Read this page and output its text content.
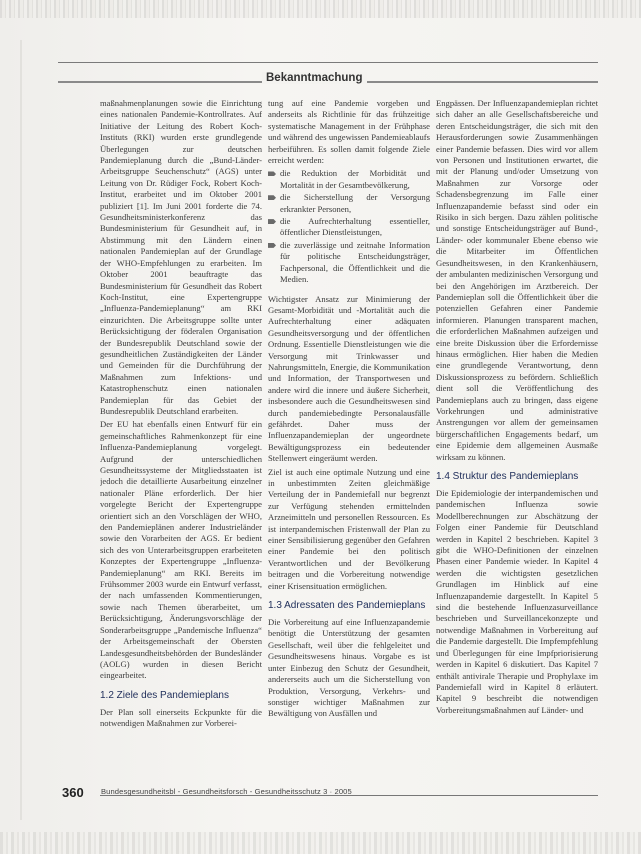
Bekanntmachung

maßnahmenplanungen sowie die Einrichtung eines nationalen Pandemie-Kontrollrates. Auf Initiative der Leitung des Robert Koch-Instituts (RKI) wurden erste grundlegende Überlegungen zur deutschen Pandemieplanung durch die „Bund-Länder-Arbeitsgruppe Seuchenschutz“ (AGS) unter Leitung von Dr. Rüdiger Fock, Robert Koch-Institut, erarbeitet und im Oktober 2001 publiziert [1]. Im Juni 2001 forderte die 74. Gesundheitsministerkonferenz das Bundesministerium für Gesundheit auf, in Abstimmung mit den Ländern einen nationalen Pandemieplan auf der Grundlage der WHO-Empfehlungen zu erarbeiten. Im Oktober 2001 beauftragte das Bundesministerium für Gesundheit das Robert Koch-Institut, eine Expertengruppe „Influenza-Pandemieplanung“ am RKI einzurichten. Die Arbeitsgruppe sollte unter Berücksichtigung der föderalen Organisation der Bundesrepublik Deutschland sowie der gesundheitlichen Zuständigkeiten der Länder und Gemeinden für die Durchführung der Maßnahmen zum Infektions- und Katastrophenschutz einen nationalen Pandemieplan für das Gebiet der Bundesrepublik Deutschland erarbeiten.

Der EU hat ebenfalls einen Entwurf für ein gemeinschaftliches Rahmenkonzept für eine Influenza-Pandemieplanung vorgelegt. Aufgrund der unterschiedlichen Gesundheitssysteme der Mitgliedsstaaten ist jedoch die detaillierte Ausarbeitung einzelner nationaler Pläne erforderlich. Der hier vorgelegte Bericht der Expertengruppe orientiert sich an den Vorschlägen der WHO, den Pandemieplänen anderer Industrieländer sowie den Vorarbeiten der AGS. Er bedient sich des von Unterarbeitsgruppen erarbeiteten Konzeptes der Expertengruppe „Influenza-Pandemieplanung“ am RKI. Bereits im Frühsommer 2003 wurde ein Entwurf verfasst, der nach umfassenden Kommentierungen, sowie nach Themen überarbeitet, um Berücksichtigung, Änderungsvorschläge der Sonderarbeitsgruppe „Pandemische Influenza“ der Arbeitsgemeinschaft der Obersten Landesgesundheitsbehörden der Bundesländer (AOLG) wurden in diesen Bericht eingearbeitet.

1.2 Ziele des Pandemieplans

Der Plan soll einerseits Eckpunkte für die notwendigen Maßnahmen zur Vorberei-

tung auf eine Pandemie vorgeben und anderseits als Richtlinie für das frühzeitige systematische Management in der Frühphase und während des ungewissen Pandemieablaufs herbeiführen. Es sollen damit folgende Ziele erreicht werden:

die Reduktion der Morbidität und Mortalität in der Gesamtbevölkerung,
die Sicherstellung der Versorgung erkrankter Personen,
die Aufrechterhaltung essentieller, öffentlicher Dienstleistungen,
die zuverlässige und zeitnahe Information für politische Entscheidungsträger, Fachpersonal, die Öffentlichkeit und die Medien.

Wichtigster Ansatz zur Minimierung der Gesamt-Morbidität und -Mortalität auch die Aufrechterhaltung einer adäquaten Gesundheitsversorgung und der öffentlichen Ordnung. Essentielle Dienstleistungen wie die Versorgung mit Trinkwasser und Nahrungsmitteln, Energie, die Kommunikation und Information, der Transportwesen und andere wird die innere und äußere Sicherheit, insbesondere auch die Gesundheitswesen sind durch pandemiebedingte Personalausfälle gefährdet. Daher muss der Influenzapandemieplan der ungeordnete Bewältigungsprozess ein bedeutender Stellenwert eingeräumt werden.

Ziel ist auch eine optimale Nutzung und eine in unbestimmten Zeiten gleichmäßige Verteilung der in Pandemiefall nur begrenzt zur Verfügung stehenden ermittelnden Arzneimitteln und personellen Ressourcen. Es ist interpandemischen Fristenwall der Plan zu einer Sensibilisierung gegenüber den Gefahren einer Pandemie bei den politisch Verantwortlichen und der Bevölkerung beitragen und die Vorbereitung notwendige einer Krisensituation ermöglichen.

1.3 Adressaten des Pandemieplans

Die Vorbereitung auf eine Influenzapandemie benötigt die Unterstützung der gesamten Gesellschaft, weil über die fehlgeleitet und Gesundheitswesens hinaus. Vorgabe es ist unter Einbezug den Schutz der Gesundheit, andererseits auch um die Sicherstellung von Produktion, Versorgung, Verkehrs- und sonstiger wichtiger Maßnahmen zur Bewältigung von Ausfällen und

Engpässen. Der Influenzapandemieplan richtet sich daher an alle Gesellschaftsbereiche und deren Entscheidungsträger, die sich mit den Herausforderungen sowie Zusammenhängen einer Pandemie befassen. Dies wird vor allem von Personen und Institutionen erwartet, die mit der Planung und/oder Umsetzung von Maßnahmen zur Vorsorge oder Schadensbegrenzung im Falle einer Influenzapandemie befasst sind oder ein Risiko in sich bergen. Dazu zählen politische und sonstige Entscheidungsträger auf Bund-, Länder- oder kommunaler Ebene ebenso wie die Mitarbeiter im Öffentlichen Gesundheitswesen, in den Krankenhäusern, der ambulanten medizinischen Versorgung und bei den Angehörigen im Arztbereich. Der Pandemieplan soll die Öffentlichkeit über die potenziellen Gefahren einer Pandemie informieren. Planungen transparent machen, die erforderlichen Maßnahmen aufzeigen und eine breite Diskussion über die Erfordernisse hinaus ermöglichen. Hier haben die Medien eine grundlegende Verantwortung, denn Diskussionsprozess zu befördern. Schließlich dient soll die Veröffentlichung des Pandemieplans auch zu bringen, dass eigene Vorkehrungen und administrative Anstrengungen vor allem der gemeinsamen bürgerschaftlichen Engagements bedarf, um eine Epidemie dem allgemeinen Ausmaße wirksam zu können.

1.4 Struktur des Pandemieplans

Die Epidemiologie der interpandemischen und pandemischen Influenza sowie Modellberechnungen zur Abschätzung der Folgen einer Pandemie für Deutschland werden in Kapitel 2 beschrieben. Kapitel 3 gibt die WHO-Definitionen der einzelnen Phasen einer Pandemie wieder. In Kapitel 4 werden die wichtigsten gesetzlichen Grundlagen im Hinblick auf eine Influenzapandemie dargestellt. In Kapitel 5 sind die bestehende Influenzasurveillance beschrieben und Surveillancekonzepte und notwendige Maßnahmen in Vorbereitung auf die Pandemie dargestellt. Die Impfempfehlung und Überlegungen für eine Impfpriorisierung werden in Kapitel 6 diskutiert. Das Kapitel 7 enthält antivirale Therapie und Prophylaxe im Pandemiefall wird in Kapitel 8 erläutert. Kapitel 9 beschreibt die notwendigen Vorbereitungsmaßnahmen auf Länder- und

360 Bundesgesundheitsbl - Gesundheitsforsch - Gesundheitsschutz 3 · 2005
